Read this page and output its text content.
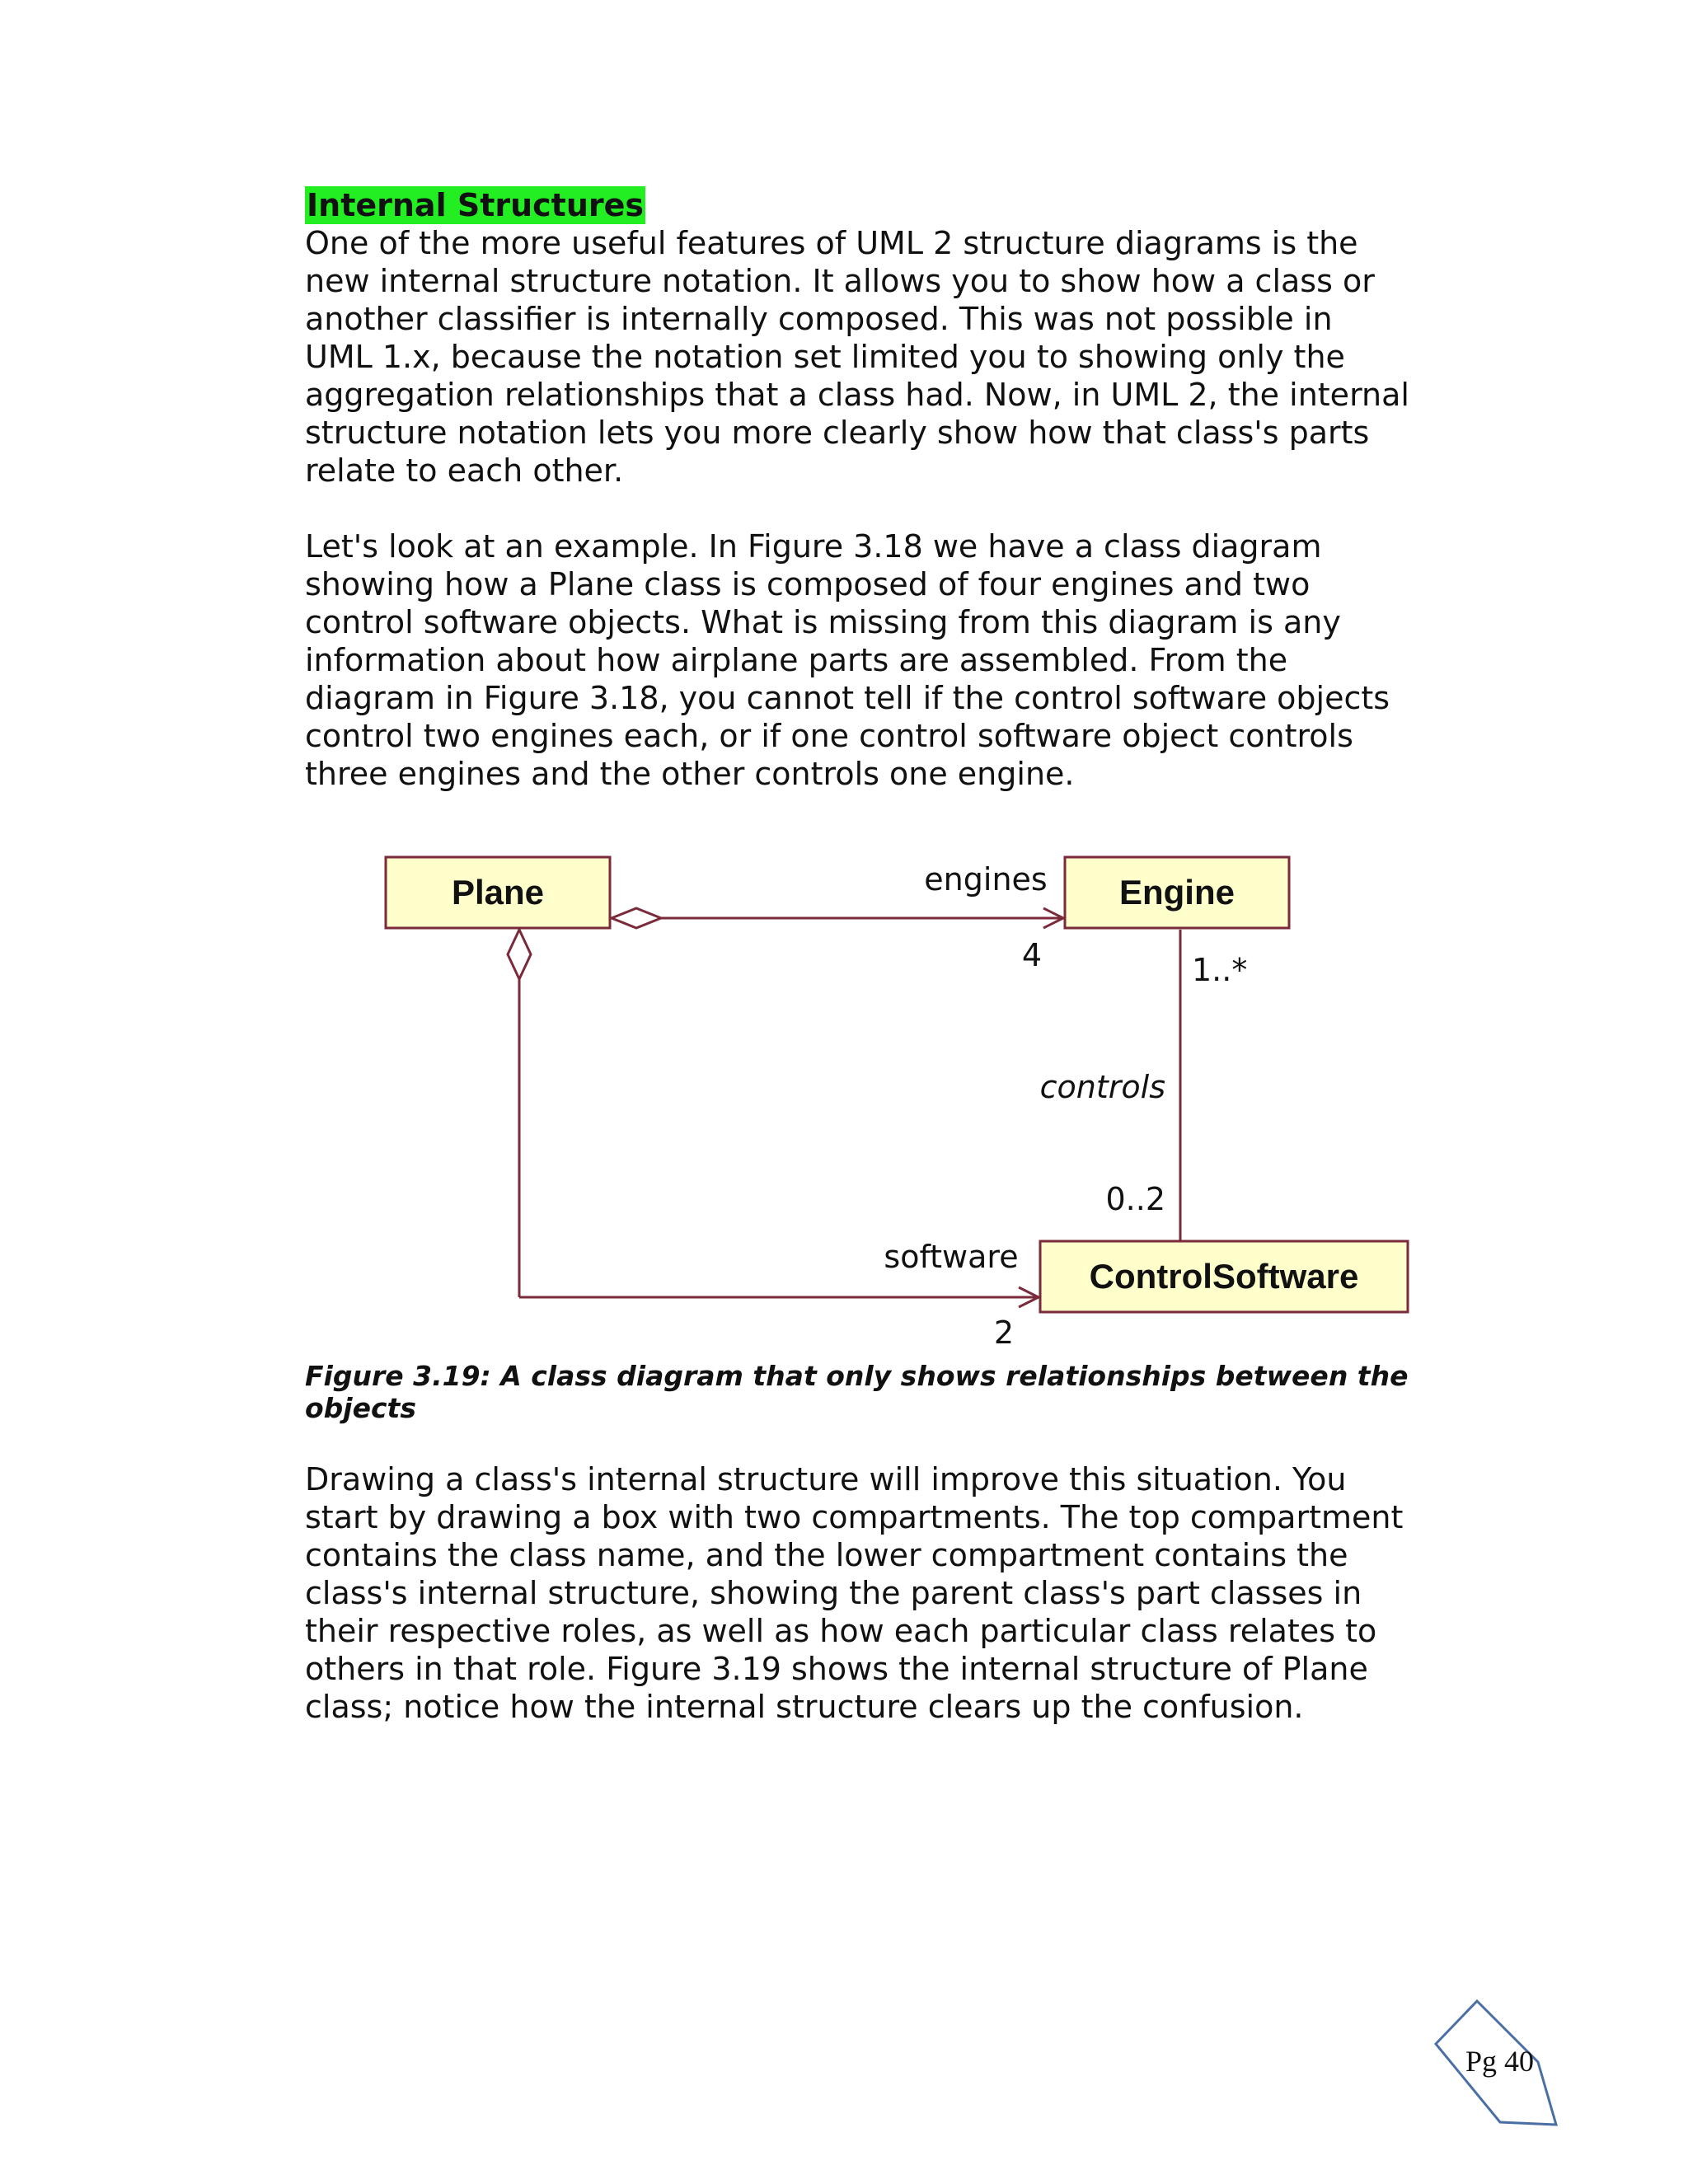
Internal Structures

One of the more useful features of UML 2 structure diagrams is the new internal structure notation. It allows you to show how a class or another classifier is internally composed. This was not possible in UML 1.x, because the notation set limited you to showing only the aggregation relationships that a class had. Now, in UML 2, the internal structure notation lets you more clearly show how that class's parts relate to each other.

Let's look at an example. In Figure 3.18 we have a class diagram showing how a Plane class is composed of four engines and two control software objects. What is missing from this diagram is any information about how airplane parts are assembled. From the diagram in Figure 3.18, you cannot tell if the control software objects control two engines each, or if one control software object controls three engines and the other controls one engine.

Plane	Engine
ControlSoftware
engines
4
software
2
1..*
controls
0..2

Figure 3.19: A class diagram that only shows relationships between the objects

Drawing a class's internal structure will improve this situation. You start by drawing a box with two compartments. The top compartment contains the class name, and the lower compartment contains the class's internal structure, showing the parent class's part classes in their respective roles, as well as how each particular class relates to others in that role. Figure 3.19 shows the internal structure of Plane class; notice how the internal structure clears up the confusion.

Pg 40
